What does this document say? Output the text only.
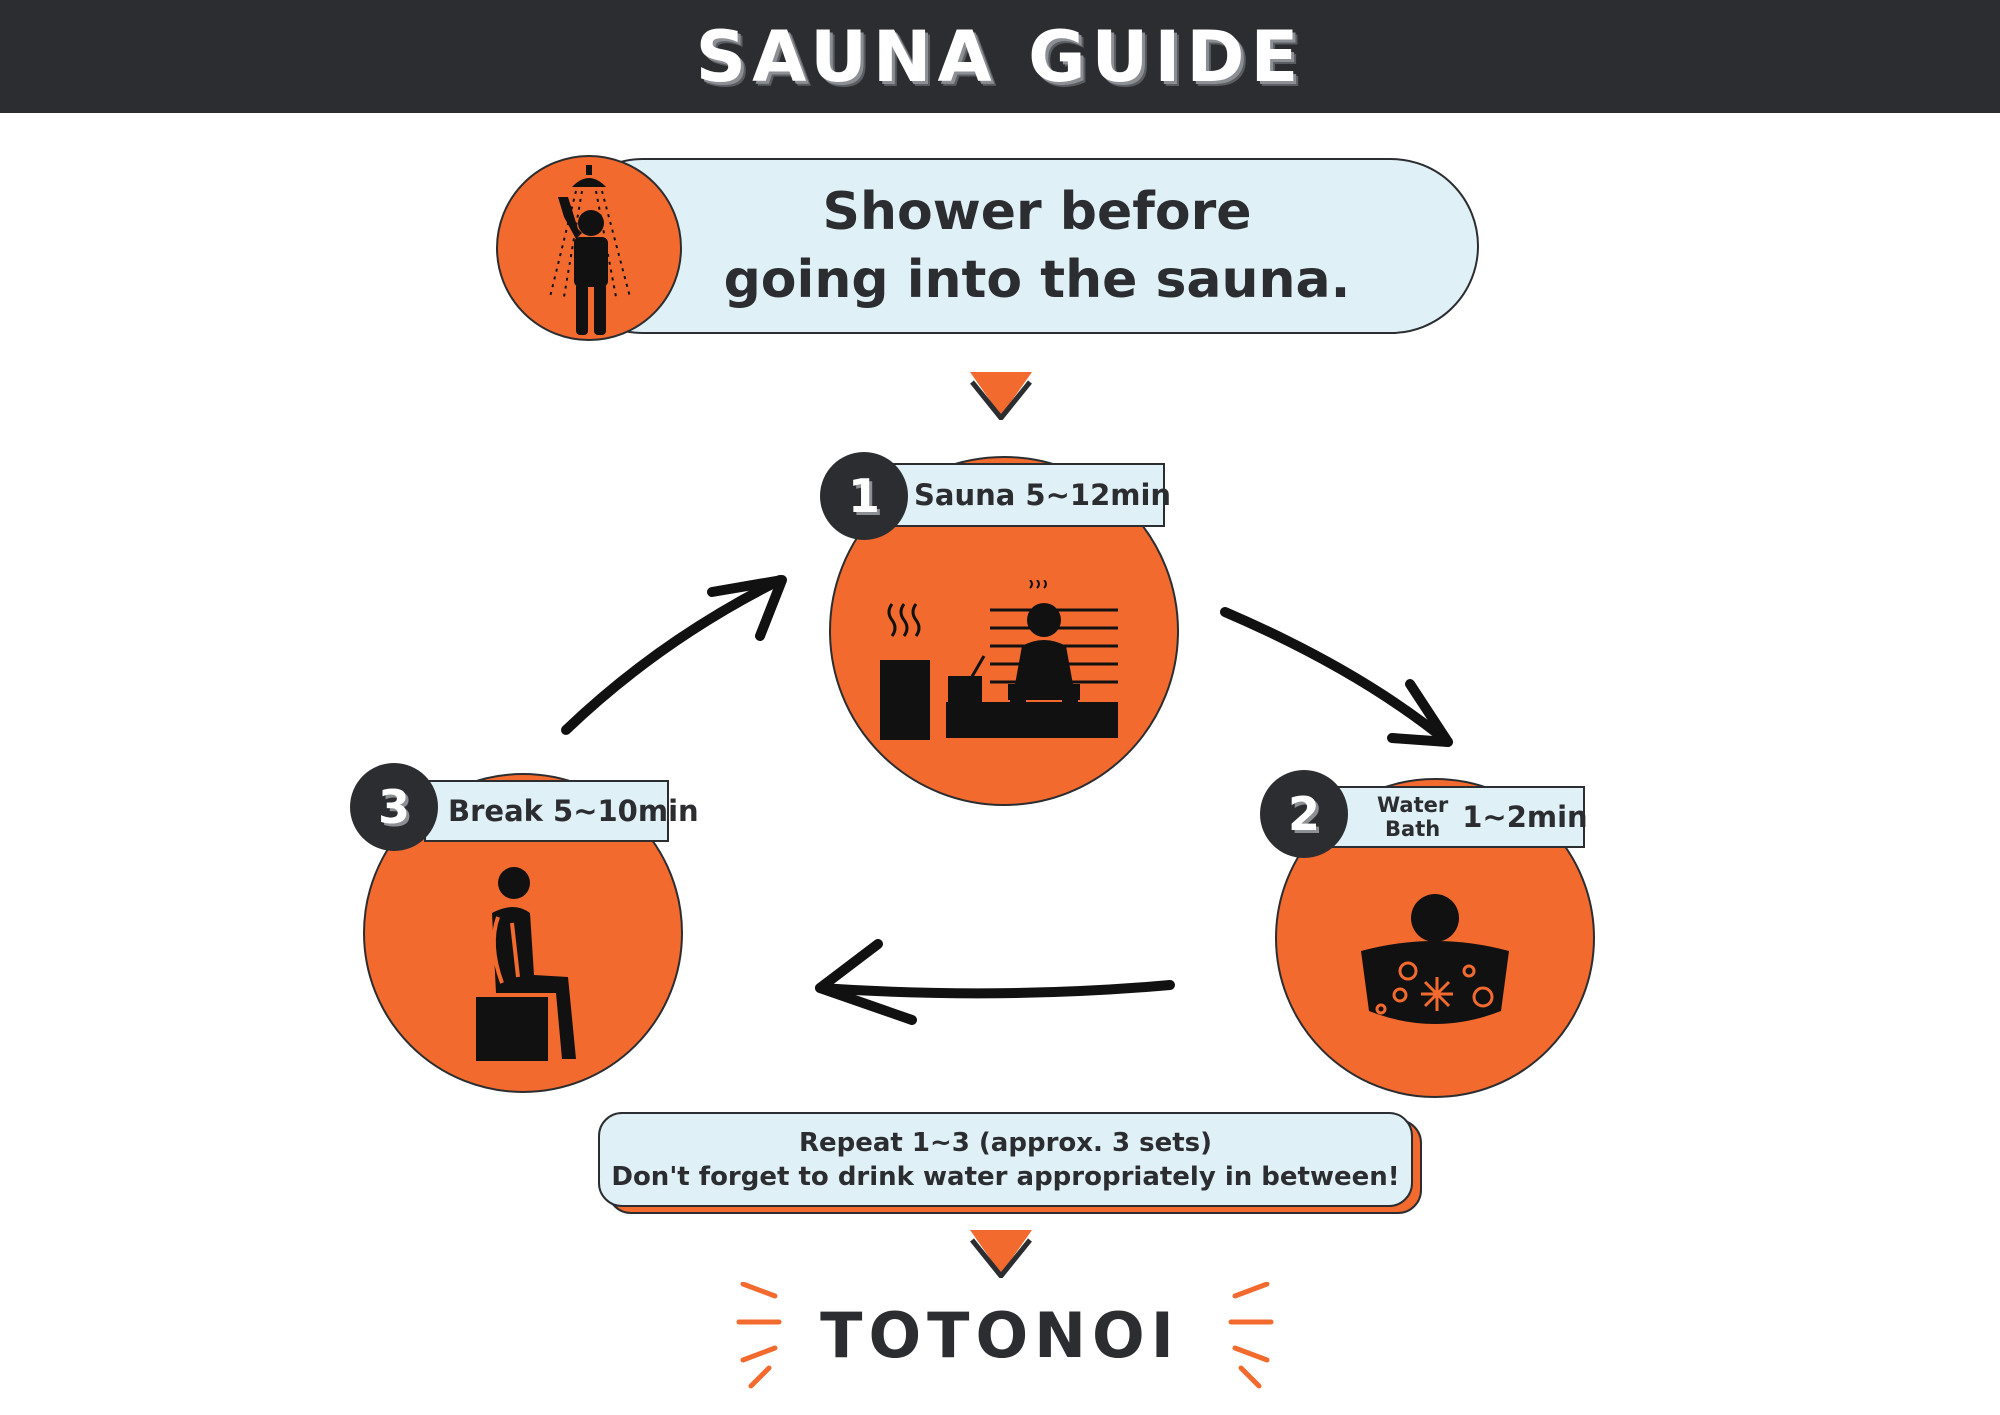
SAUNA GUIDE
Shower before
going into the sauna.
Sauna 5~12min
1
Water
Bath 1~2min
2
Break 5~10min
3
Repeat 1~3 (approx. 3 sets)
Don't forget to drink water appropriately in between!
TOTONOI
